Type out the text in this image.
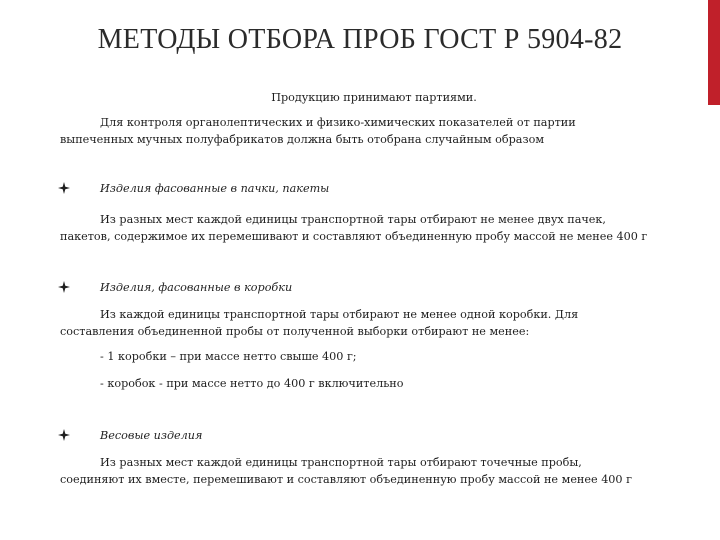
МЕТОДЫ ОТБОРА ПРОБ ГОСТ Р 5904-82
Продукцию принимают партиями.
Для контроля органолептических и физико-химических показателей от партии
выпеченных мучных полуфабрикатов должна быть отобрана случайным образом
Изделия фасованные в пачки, пакеты
Из разных мест каждой единицы транспортной тары отбирают не менее двух пачек,
пакетов, содержимое их перемешивают и составляют объединенную пробу массой не менее 400 г
Изделия, фасованные в коробки
Из каждой единицы транспортной тары отбирают не менее одной коробки. Для
составления объединенной пробы от полученной выборки отбирают не менее:
- 1 коробки – при массе нетто свыше 400 г;
- коробок - при массе нетто до 400 г включительно
Весовые изделия
Из разных мест каждой единицы транспортной тары отбирают точечные пробы,
соединяют их вместе, перемешивают и составляют объединенную пробу массой не менее 400 г
